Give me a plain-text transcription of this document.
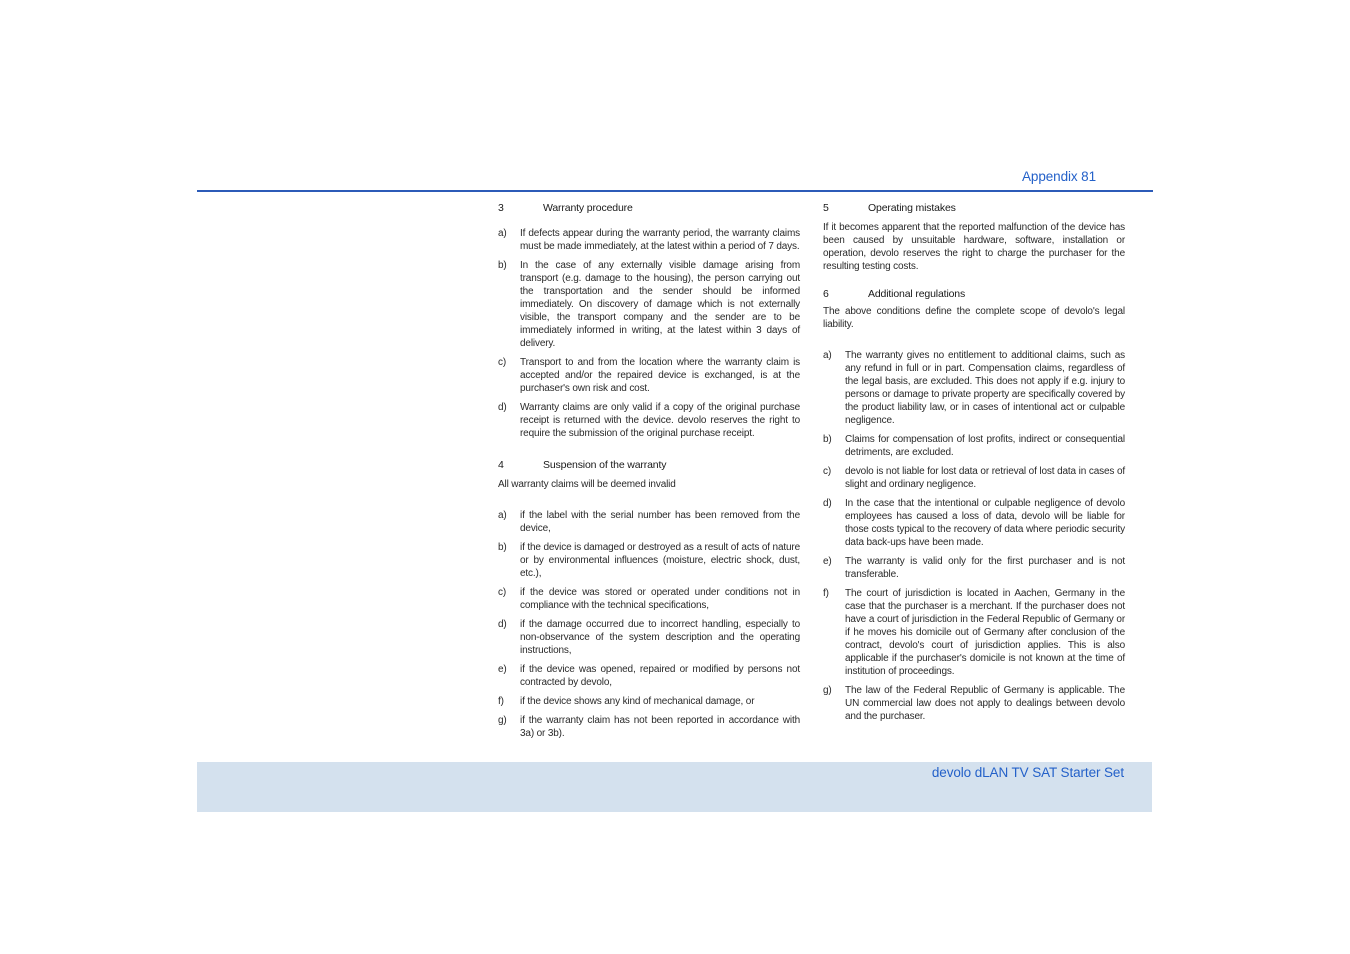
Appendix 81
3	Warranty procedure
a)	If defects appear during the warranty period, the warranty claims must be made immediately, at the latest within a period of 7 days.
b)	In the case of any externally visible damage arising from transport (e.g. damage to the housing), the person carrying out the transportation and the sender should be informed immediately. On discovery of damage which is not externally visible, the transport company and the sender are to be immediately informed in writing, at the latest within 3 days of delivery.
c)	Transport to and from the location where the warranty claim is accepted and/or the repaired device is exchanged, is at the purchaser's own risk and cost.
d)	Warranty claims are only valid if a copy of the original purchase receipt is returned with the device. devolo reserves the right to require the submission of the original purchase receipt.
4	Suspension of the warranty

All warranty claims will be deemed invalid

a)	if the label with the serial number has been removed from the device,
b)	if the device is damaged or destroyed as a result of acts of nature or by environmental influences (moisture, electric shock, dust, etc.),
c)	if the device was stored or operated under conditions not in compliance with the technical specifications,
d)	if the damage occurred due to incorrect handling, especially to non-observance of the system description and the operating instructions,
e)	if the device was opened, repaired or modified by persons not contracted by devolo,
f)	if the device shows any kind of mechanical damage, or
g)	if the warranty claim has not been reported in accordance with 3a) or 3b).
5	Operating mistakes

If it becomes apparent that the reported malfunction of the device has been caused by unsuitable hardware, software, installation or operation, devolo reserves the right to charge the purchaser for the resulting testing costs.

6	Additional regulations

The above conditions define the complete scope of devolo's legal liability.

a)	The warranty gives no entitlement to additional claims, such as any refund in full or in part. Compensation claims, regardless of the legal basis, are excluded. This does not apply if e.g. injury to persons or damage to private property are specifically covered by the product liability law, or in cases of intentional act or culpable negligence.
b)	Claims for compensation of lost profits, indirect or consequential detriments, are excluded.
c)	devolo is not liable for lost data or retrieval of lost data in cases of slight and ordinary negligence.
d)	In the case that the intentional or culpable negligence of devolo employees has caused a loss of data, devolo will be liable for those costs typical to the recovery of data where periodic security data back-ups have been made.
e)	The warranty is valid only for the first purchaser and is not transferable.
f)	The court of jurisdiction is located in Aachen, Germany in the case that the purchaser is a merchant. If the purchaser does not have a court of jurisdiction in the Federal Republic of Germany or if he moves his domicile out of Germany after conclusion of the contract, devolo's court of jurisdiction applies. This is also applicable if the purchaser's domicile is not known at the time of institution of proceedings.
g)	The law of the Federal Republic of Germany is applicable. The UN commercial law does not apply to dealings between devolo and the purchaser.
devolo dLAN TV SAT Starter Set
